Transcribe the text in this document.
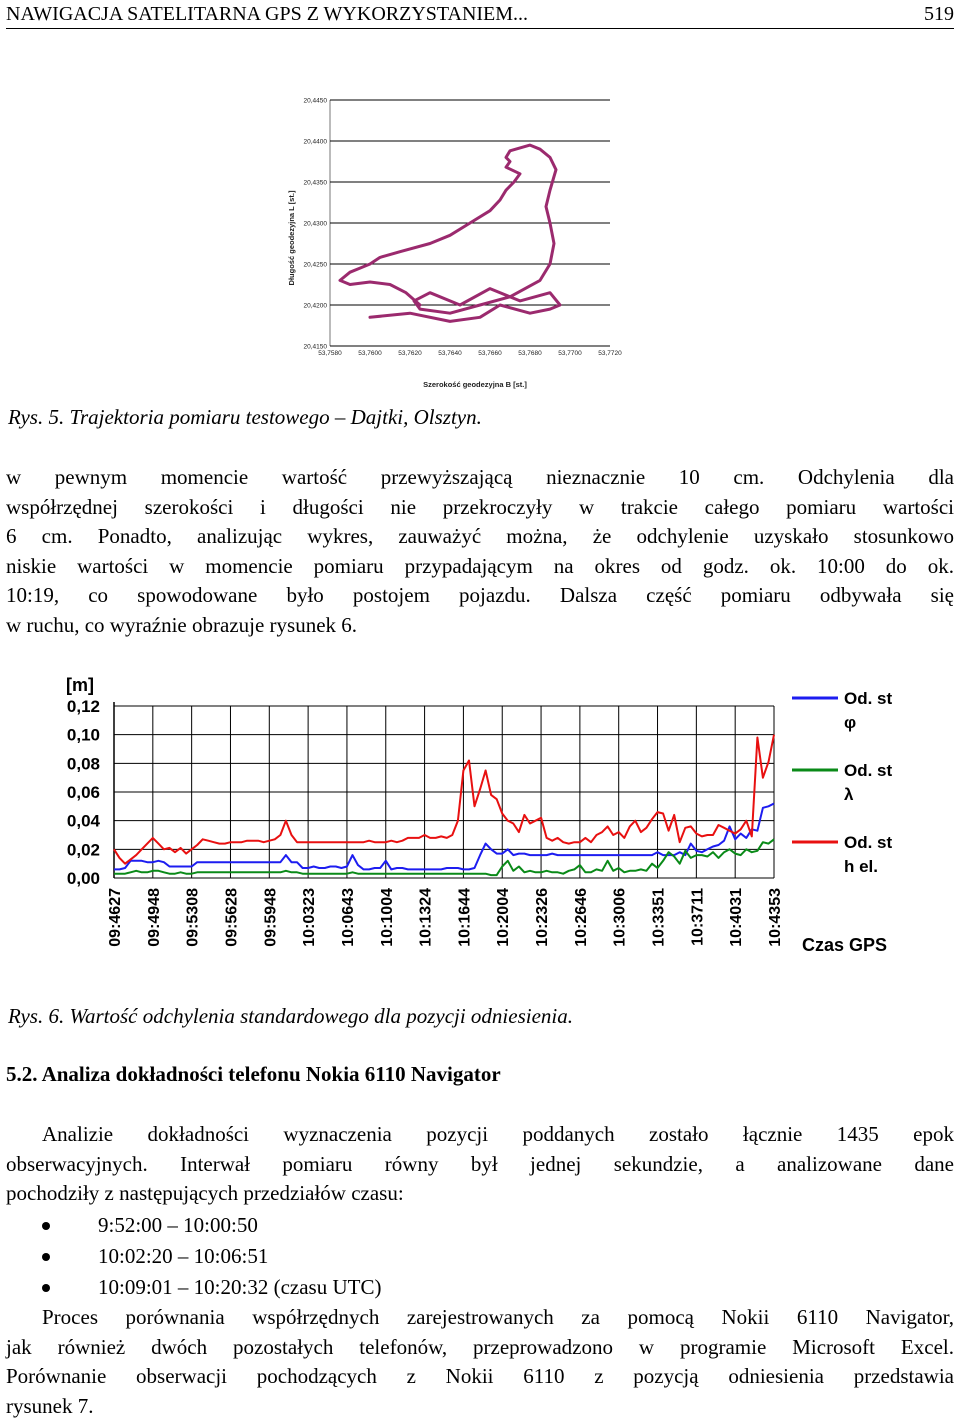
NAWIGACJA SATELITARNA GPS Z WYKORZYSTANIEM...	519
Długość geodezyjna L [st.]
Szerokość geodezyjna B [st.]
20,4450
20,4400
20,4350
20,4300
20,4250
20,4200
20,4150
53,7580	53,7600	53,7620	53,7640	53,7660	53,7680	53,7700	53,7720
Rys. 5. Trajektoria pomiaru testowego – Dajtki, Olsztyn.
w pewnym momencie wartość przewyższającą nieznacznie 10 cm. Odchylenia dla
współrzędnej szerokości i długości nie przekroczyły w trakcie całego pomiaru wartości
6 cm. Ponadto, analizując wykres, zauważyć można, że odchylenie uzyskało stosunkowo
niskie wartości w momencie pomiaru przypadającym na okres od godz. ok. 10:00 do ok.
10:19, co spowodowane było postojem pojazdu. Dalsza część pomiaru odbywała się
w ruchu, co wyraźnie obrazuje rysunek 6.
[m]
Czas GPS
0,12
0,10
0,08
0,06
0,04
0,02
0,00
09:4627 09:4948 09:5308 09:5628 09:5948 10:0323 10:0643 10:1004 10:1324 10:1644 10:2004 10:2326 10:2646 10:3006 10:3351 10:3711 10:4031 10:4353
Od. st
φ
Od. st
λ
Od. st
h el.
Rys. 6. Wartość odchylenia standardowego dla pozycji odniesienia.
5.2. Analiza dokładności telefonu Nokia 6110 Navigator
Analizie dokładności wyznaczenia pozycji poddanych zostało łącznie 1435 epok
obserwacyjnych. Interwał pomiaru równy był jednej sekundzie, a analizowane dane
pochodziły z następujących przedziałów czasu:
9:52:00 – 10:00:50
10:02:20 – 10:06:51
10:09:01 – 10:20:32 (czasu UTC)
Proces porównania współrzędnych zarejestrowanych za pomocą Nokii 6110 Navigator,
jak również dwóch pozostałych telefonów, przeprowadzono w programie Microsoft Excel.
Porównanie obserwacji pochodzących z Nokii 6110 z pozycją odniesienia przedstawia
rysunek 7.
